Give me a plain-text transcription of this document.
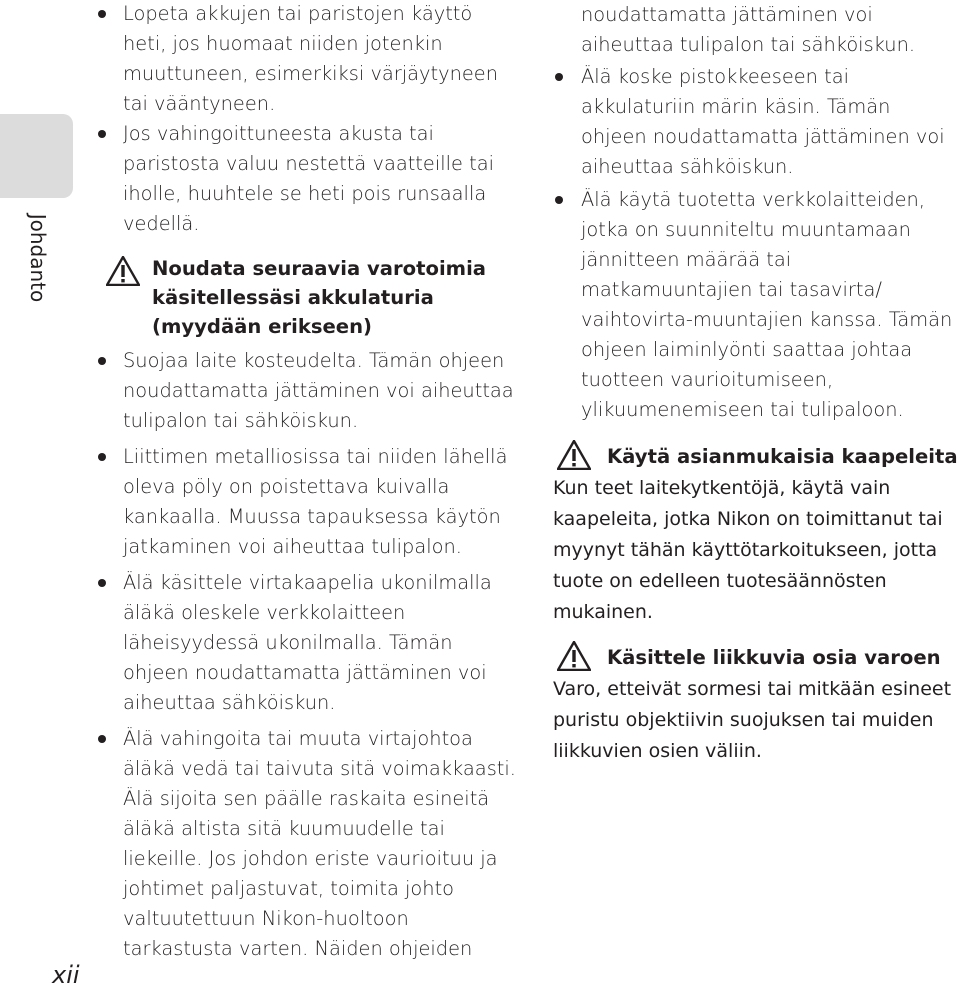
Johdanto
xii
Lopeta akkujen tai paristojen käyttö heti, jos huomaat niiden jotenkin muuttuneen, esimerkiksi värjäytyneen tai vääntyneen.
Jos vahingoittuneesta akusta tai paristosta valuu nestettä vaatteille tai iholle, huuhtele se heti pois runsaalla vedellä.
Noudata seuraavia varotoimia käsitellessäsi akkulaturia (myydään erikseen)
Suojaa laite kosteudelta. Tämän ohjeen noudattamatta jättäminen voi aiheuttaa tulipalon tai sähköiskun.
Liittimen metalliosissa tai niiden lähellä oleva pöly on poistettava kuivalla kankaalla. Muussa tapauksessa käytön jatkaminen voi aiheuttaa tulipalon.
Älä käsittele virtakaapelia ukonilmalla äläkä oleskele verkkolaitteen läheisyydessä ukonilmalla. Tämän ohjeen noudattamatta jättäminen voi aiheuttaa sähköiskun.
Älä vahingoita tai muuta virtajohtoa äläkä vedä tai taivuta sitä voimakkaasti. Älä sijoita sen päälle raskaita esineitä äläkä altista sitä kuumuudelle tai liekeille. Jos johdon eriste vaurioituu ja johtimet paljastuvat, toimita johto valtuutettuun Nikon-huoltoon tarkastusta varten. Näiden ohjeiden

noudattamatta jättäminen voi aiheuttaa tulipalon tai sähköiskun.

Älä koske pistokkeeseen tai akkulaturiin märin käsin. Tämän ohjeen noudattamatta jättäminen voi aiheuttaa sähköiskun.
Älä käytä tuotetta verkkolaitteiden, jotka on suunniteltu muuntamaan jännitteen määrää tai matkamuuntajien tai tasavirta/ vaihtovirta-muuntajien kanssa. Tämän ohjeen laiminlyönti saattaa johtaa tuotteen vaurioitumiseen, ylikuumenemiseen tai tulipaloon.
Käytä asianmukaisia kaapeleita

Kun teet laitekytkentöjä, käytä vain kaapeleita, jotka Nikon on toimittanut tai myynyt tähän käyttötarkoitukseen, jotta tuote on edelleen tuotesäännösten mukainen.

Käsittele liikkuvia osia varoen

Varo, etteivät sormesi tai mitkään esineet puristu objektiivin suojuksen tai muiden liikkuvien osien väliin.
